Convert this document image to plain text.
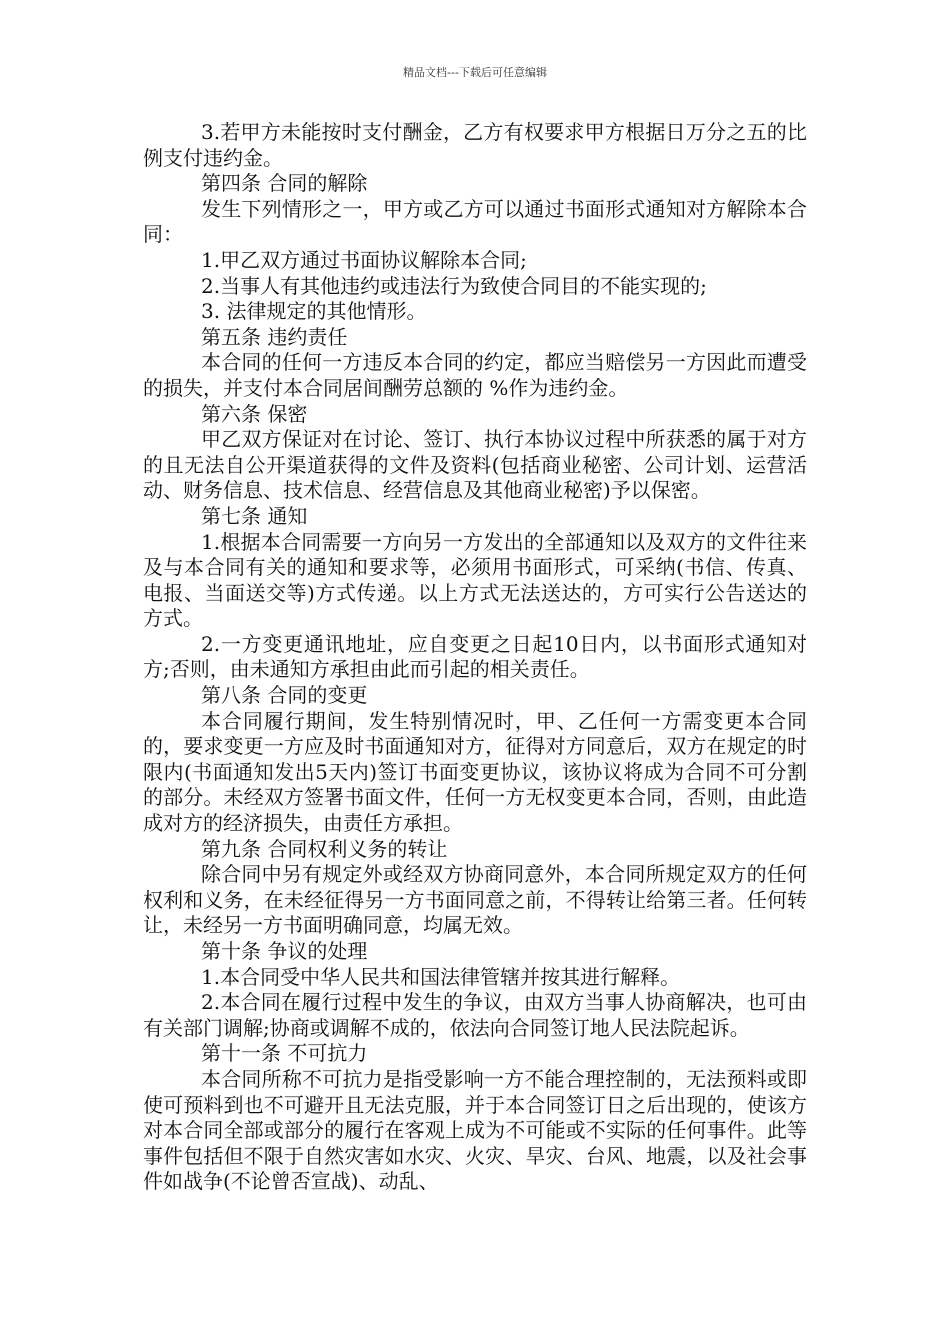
精品文档---下载后可任意编辑

3.若甲方未能按时支付酬金，乙方有权要求甲方根据日万分之五的比例支付违约金。

第四条 合同的解除

发生下列情形之一，甲方或乙方可以通过书面形式通知对方解除本合同：

1.甲乙双方通过书面协议解除本合同;

2.当事人有其他违约或违法行为致使合同目的不能实现的;

3. 法律规定的其他情形。

第五条 违约责任

本合同的任何一方违反本合同的约定，都应当赔偿另一方因此而遭受的损失，并支付本合同居间酬劳总额的 %作为违约金。

第六条 保密

甲乙双方保证对在讨论、签订、执行本协议过程中所获悉的属于对方的且无法自公开渠道获得的文件及资料(包括商业秘密、公司计划、运营活动、财务信息、技术信息、经营信息及其他商业秘密)予以保密。

第七条 通知

1.根据本合同需要一方向另一方发出的全部通知以及双方的文件往来及与本合同有关的通知和要求等，必须用书面形式，可采纳(书信、传真、电报、当面送交等)方式传递。以上方式无法送达的，方可实行公告送达的方式。

2.一方变更通讯地址，应自变更之日起10日内，以书面形式通知对方;否则，由未通知方承担由此而引起的相关责任。

第八条 合同的变更

本合同履行期间，发生特别情况时，甲、乙任何一方需变更本合同的，要求变更一方应及时书面通知对方，征得对方同意后，双方在规定的时限内(书面通知发出5天内)签订书面变更协议，该协议将成为合同不可分割的部分。未经双方签署书面文件，任何一方无权变更本合同，否则，由此造成对方的经济损失，由责任方承担。

第九条 合同权利义务的转让

除合同中另有规定外或经双方协商同意外，本合同所规定双方的任何权利和义务，在未经征得另一方书面同意之前，不得转让给第三者。任何转让，未经另一方书面明确同意，均属无效。

第十条 争议的处理

1.本合同受中华人民共和国法律管辖并按其进行解释。

2.本合同在履行过程中发生的争议，由双方当事人协商解决，也可由有关部门调解;协商或调解不成的，依法向合同签订地人民法院起诉。

第十一条 不可抗力

本合同所称不可抗力是指受影响一方不能合理控制的，无法预料或即使可预料到也不可避开且无法克服，并于本合同签订日之后出现的，使该方对本合同全部或部分的履行在客观上成为不可能或不实际的任何事件。此等事件包括但不限于自然灾害如水灾、火灾、旱灾、台风、地震，以及社会事件如战争(不论曾否宣战)、动乱、
